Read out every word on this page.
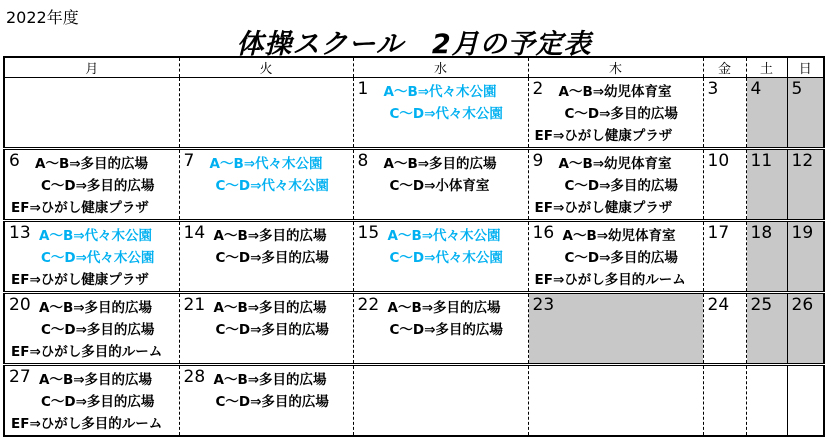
2022年度
体操スクール　2月の予定表
月	火	水	木	金	土	日

		1 A～B⇒代々木公園
C～D⇒代々木公園	2 A～B⇒幼児体育室
C～D⇒多目的広場
EF⇒ひがし健康プラザ	3	4	5

6 A～B⇒多目的広場
C～D⇒多目的広場
EF⇒ひがし健康プラザ	7 A～B⇒代々木公園
C～D⇒代々木公園	8 A～B⇒多目的広場
C～D⇒小体育室	9 A～B⇒幼児体育室
C～D⇒多目的広場
EF⇒ひがし健康プラザ	10	11	12

13 A～B⇒代々木公園
C～D⇒代々木公園
EF⇒ひがし健康プラザ	14 A～B⇒多目的広場
C～D⇒多目的広場	15 A～B⇒代々木公園
C～D⇒代々木公園	16 A～B⇒幼児体育室
C～D⇒多目的広場
EF⇒ひがし多目的ルーム	17	18	19

20 A～B⇒多目的広場
C～D⇒多目的広場
EF⇒ひがし多目的ルーム	21 A～B⇒多目的広場
C～D⇒多目的広場	22 A～B⇒多目的広場
C～D⇒多目的広場	23	24	25	26

27 A～B⇒多目的広場
C～D⇒多目的広場
EF⇒ひがし多目的ルーム	28 A～B⇒多目的広場
C～D⇒多目的広場					
